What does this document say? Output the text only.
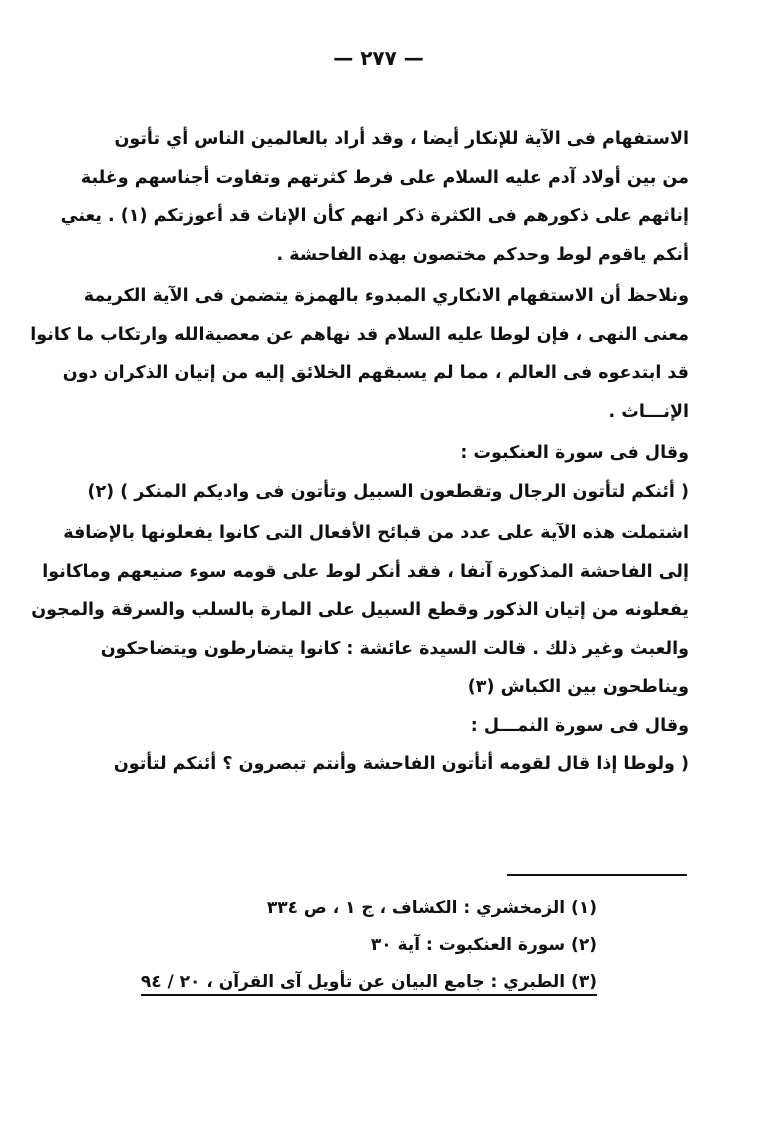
— ٢٧٧ —
الاستفهام فى الآية للإنكار أيضا ، وقد أراد بالعالمين الناس أي تأتون
من بين أولاد آدم عليه السلام على فرط كثرتهم وتفاوت أجناسهم وغلبة
إناثهم على ذكورهم فى الكثرة ذكر انهم كأن الإناث قد أعوزتكم (١) . يعني
أنكم ياقوم لوط وحدكم مختصون بهذه الفاحشة .
ونلاحظ أن الاستفهام الانكاري المبدوء بالهمزة يتضمن فى الآية الكريمة
معنى النهى ، فإن لوطا عليه السلام قد نهاهم عن معصيةالله وارتكاب ما كانوا
قد ابتدعوه فى العالم ، مما لم يسبقهم الخلائق إليه من إتيان الذكران دون
الإنـــاث .
وقال فى سورة العنكبوت :
( أئنكم لتأتون الرجال وتقطعون السبيل وتأتون فى واديكم المنكر ) (٢)
اشتملت هذه الآية على عدد من قبائح الأفعال التى كانوا يفعلونها بالإضافة
إلى الفاحشة المذكورة آنفا ، فقد أنكر لوط على قومه سوء صنيعهم وماكانوا
يفعلونه من إتيان الذكور وقطع السبيل على المارة بالسلب والسرقة والمجون
والعبث وغير ذلك . قالت السيدة عائشة : كانوا يتضارطون ويتضاحكون
ويناطحون بين الكباش (٣)
وقال فى سورة النمـــل :
( ولوطا إذا قال لقومه أتأتون الفاحشة وأنتم تبصرون ؟ أئنكم لتأتون
(١) الزمخشري : الكشاف ، ج ١ ، ص ٣٣٤
(٢) سورة العنكبوت : آية ٣٠
(٣) الطبري : جامع البيان عن تأويل آى القرآن ، ٢٠ / ٩٤
